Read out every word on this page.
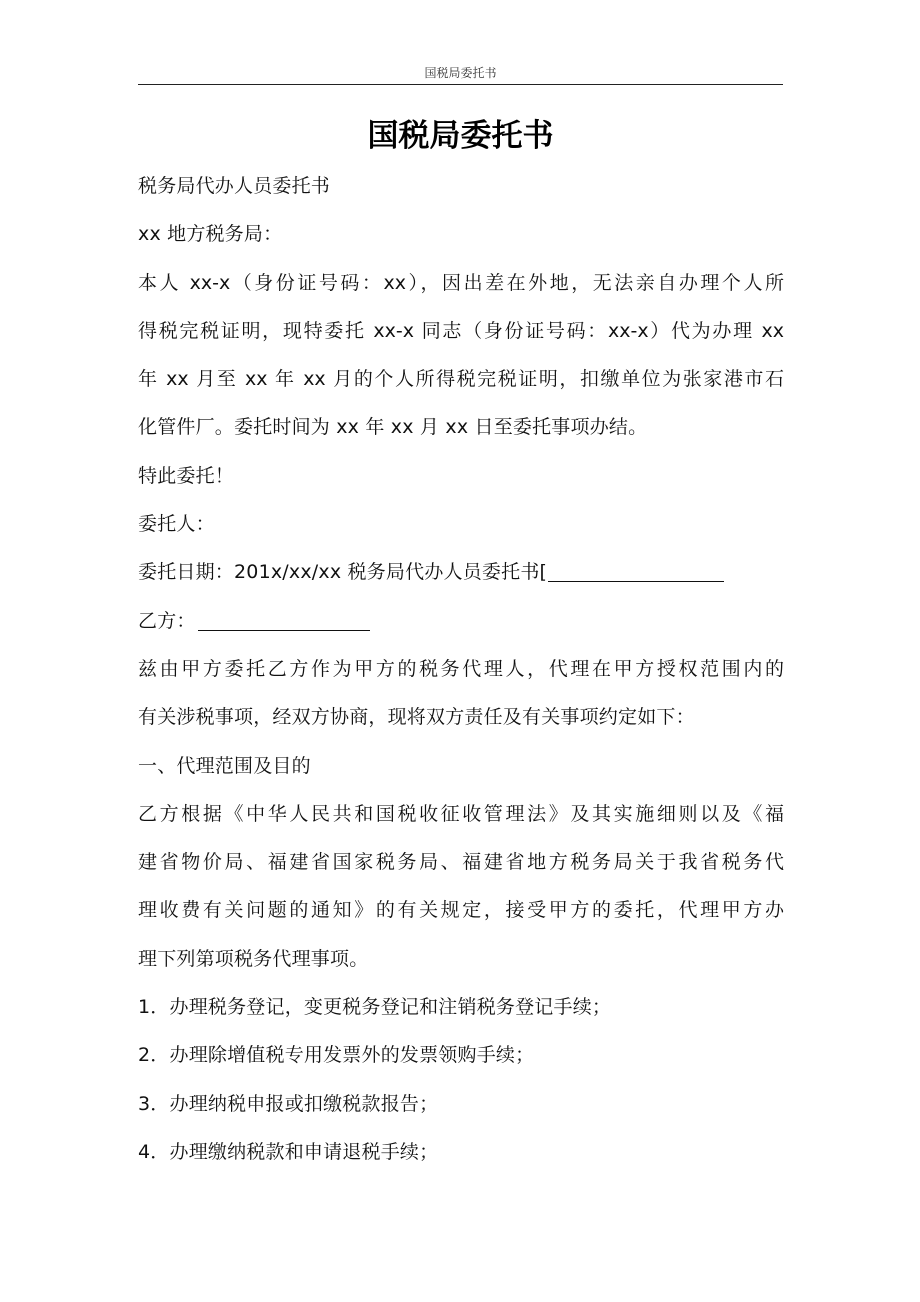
国税局委托书
国税局委托书
税务局代办人员委托书
xx 地方税务局：
本人 xx-x（身份证号码：xx），因出差在外地，无法亲自办理个人所
得税完税证明，现特委托 xx-x 同志（身份证号码：xx-x）代为办理 xx
年 xx 月至 xx 年 xx 月的个人所得税完税证明，扣缴单位为张家港市石
化管件厂。委托时间为 xx 年 xx 月 xx 日至委托事项办结。
特此委托！
委托人：
委托日期：201x/xx/xx 税务局代办人员委托书[
乙方：
兹由甲方委托乙方作为甲方的税务代理人，代理在甲方授权范围内的
有关涉税事项，经双方协商，现将双方责任及有关事项约定如下：
一、代理范围及目的
乙方根据《中华人民共和国税收征收管理法》及其实施细则以及《福
建省物价局、福建省国家税务局、福建省地方税务局关于我省税务代
理收费有关问题的通知》的有关规定，接受甲方的委托，代理甲方办
理下列第项税务代理事项。
1．办理税务登记，变更税务登记和注销税务登记手续；
2．办理除增值税专用发票外的发票领购手续；
3．办理纳税申报或扣缴税款报告；
4．办理缴纳税款和申请退税手续；
